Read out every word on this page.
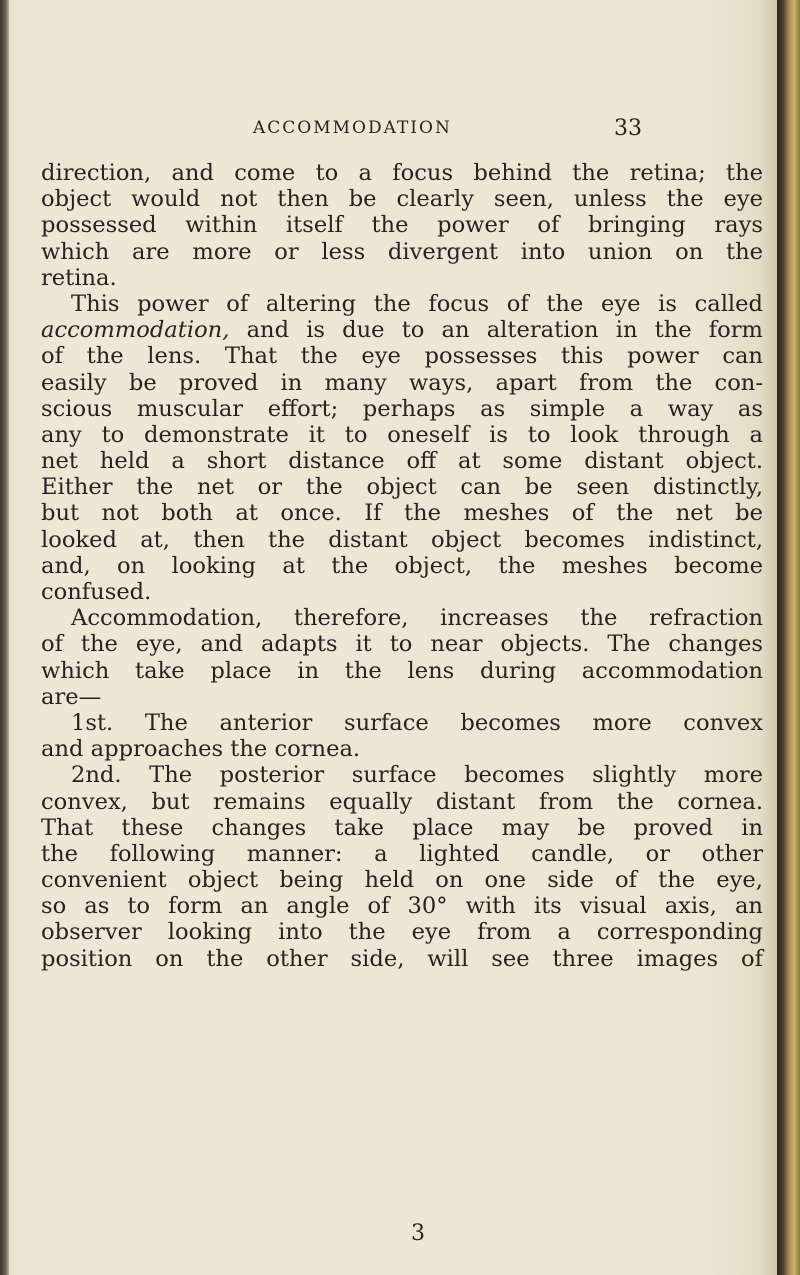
ACCOMMODATION	33
direction, and come to a focus behind the retina; the
object would not then be clearly seen, unless the eye
possessed within itself the power of bringing rays
which are more or less divergent into union on the
retina.
This power of altering the focus of the eye is called
accommodation, and is due to an alteration in the form
of the lens. That the eye possesses this power can
easily be proved in many ways, apart from the con-
scious muscular effort; perhaps as simple a way as
any to demonstrate it to oneself is to look through a
net held a short distance off at some distant object.
Either the net or the object can be seen distinctly,
but not both at once. If the meshes of the net be
looked at, then the distant object becomes indistinct,
and, on looking at the object, the meshes become
confused.
Accommodation, therefore, increases the refraction
of the eye, and adapts it to near objects. The changes
which take place in the lens during accommodation
are—
1st. The anterior surface becomes more convex
and approaches the cornea.
2nd. The posterior surface becomes slightly more
convex, but remains equally distant from the cornea.
That these changes take place may be proved in
the following manner: a lighted candle, or other
convenient object being held on one side of the eye,
so as to form an angle of 30° with its visual axis, an
observer looking into the eye from a corresponding
position on the other side, will see three images of
3
